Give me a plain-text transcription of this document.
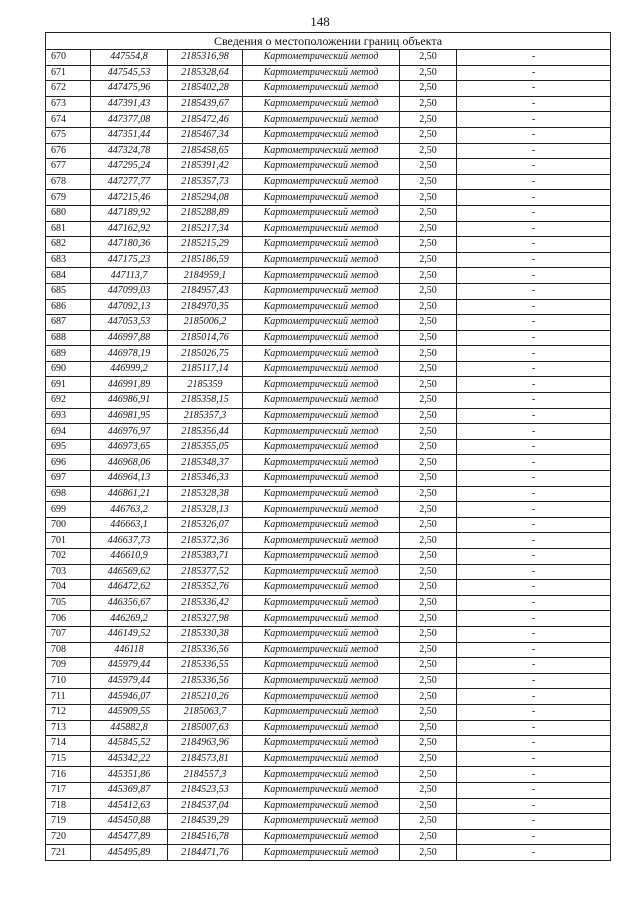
148
Сведения о местоположении границ объекта					
670	447554,8	2185316,98	Картометрический метод	2,50	-
671	447545,53	2185328,64	Картометрический метод	2,50	-
672	447475,96	2185402,28	Картометрический метод	2,50	-
673	447391,43	2185439,67	Картометрический метод	2,50	-
674	447377,08	2185472,46	Картометрический метод	2,50	-
675	447351,44	2185467,34	Картометрический метод	2,50	-
676	447324,78	2185458,65	Картометрический метод	2,50	-
677	447295,24	2185391,42	Картометрический метод	2,50	-
678	447277,77	2185357,73	Картометрический метод	2,50	-
679	447215,46	2185294,08	Картометрический метод	2,50	-
680	447189,92	2185288,89	Картометрический метод	2,50	-
681	447162,92	2185217,34	Картометрический метод	2,50	-
682	447180,36	2185215,29	Картометрический метод	2,50	-
683	447175,23	2185186,59	Картометрический метод	2,50	-
684	447113,7	2184959,1	Картометрический метод	2,50	-
685	447099,03	2184957,43	Картометрический метод	2,50	-
686	447092,13	2184970,35	Картометрический метод	2,50	-
687	447053,53	2185006,2	Картометрический метод	2,50	-
688	446997,88	2185014,76	Картометрический метод	2,50	-
689	446978,19	2185026,75	Картометрический метод	2,50	-
690	446999,2	2185117,14	Картометрический метод	2,50	-
691	446991,89	2185359	Картометрический метод	2,50	-
692	446986,91	2185358,15	Картометрический метод	2,50	-
693	446981,95	2185357,3	Картометрический метод	2,50	-
694	446976,97	2185356,44	Картометрический метод	2,50	-
695	446973,65	2185355,05	Картометрический метод	2,50	-
696	446968,06	2185348,37	Картометрический метод	2,50	-
697	446964,13	2185346,33	Картометрический метод	2,50	-
698	446861,21	2185328,38	Картометрический метод	2,50	-
699	446763,2	2185328,13	Картометрический метод	2,50	-
700	446663,1	2185326,07	Картометрический метод	2,50	-
701	446637,73	2185372,36	Картометрический метод	2,50	-
702	446610,9	2185383,71	Картометрический метод	2,50	-
703	446569,62	2185377,52	Картометрический метод	2,50	-
704	446472,62	2185352,76	Картометрический метод	2,50	-
705	446356,67	2185336,42	Картометрический метод	2,50	-
706	446269,2	2185327,98	Картометрический метод	2,50	-
707	446149,52	2185330,38	Картометрический метод	2,50	-
708	446118	2185336,56	Картометрический метод	2,50	-
709	445979,44	2185336,55	Картометрический метод	2,50	-
710	445979,44	2185336,56	Картометрический метод	2,50	-
711	445946,07	2185210,26	Картометрический метод	2,50	-
712	445909,55	2185063,7	Картометрический метод	2,50	-
713	445882,8	2185007,63	Картометрический метод	2,50	-
714	445845,52	2184963,96	Картометрический метод	2,50	-
715	445342,22	2184573,81	Картометрический метод	2,50	-
716	445351,86	2184557,3	Картометрический метод	2,50	-
717	445369,87	2184523,53	Картометрический метод	2,50	-
718	445412,63	2184537,04	Картометрический метод	2,50	-
719	445450,88	2184539,29	Картометрический метод	2,50	-
720	445477,89	2184516,78	Картометрический метод	2,50	-
721	445495,89	2184471,76	Картометрический метод	2,50	-
